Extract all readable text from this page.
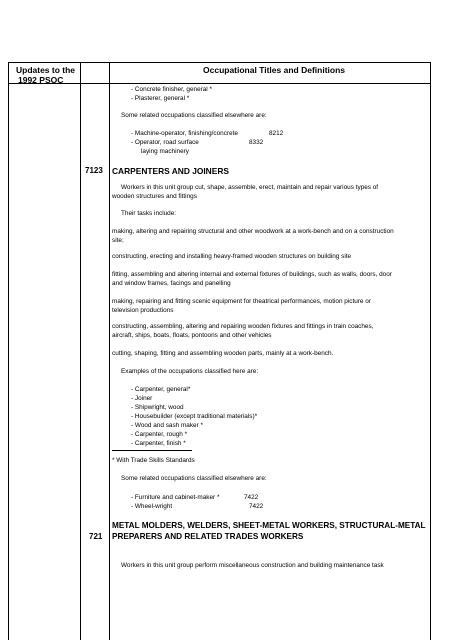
Updates to the
1992 PSOC
Occupational Titles and Definitions
- Concrete finisher, general *
- Plasterer, general *
Some related occupations classified elsewhere are:
- Machine-operator, finishing/concrete	8212
- Operator, road surface	8332
laying machinery
7123 CARPENTERS AND JOINERS
Workers in this unit group cut, shape, assemble, erect, maintain and repair various types of
wooden structures and fittings
Their tasks include:
making, altering and repairing structural and other woodwork at a work-bench and on a construction
site;
constructing, erecting and installing heavy-framed wooden structures on building site
fitting, assembling and altering internal and external fixtures of buildings, such as walls, doors, door
and window frames, facings and panelling
making, repairing and fitting scenic equipment for theatrical performances, motion picture or
television productions
constructing, assembling, altering and repairing wooden fixtures and fittings in train coaches,
aircraft, ships, boats, floats, pontoons and other vehicles
cutting, shaping, fitting and assembling wooden parts, mainly at a work-bench.
Examples of the occupations classified here are:
- Carpenter, general*
- Joiner
- Shipwright, wood
- Housebuilder (except traditional materials)*
- Wood and sash maker *
- Carpenter, rough *
- Carpenter, finish *
* With Trade Skills Standards
Some related occupations classified elsewhere are:
- Furniture and cabinet-maker *	7422
- Wheel-wright	7422
METAL MOLDERS, WELDERS, SHEET-METAL WORKERS, STRUCTURAL-METAL
721 PREPARERS AND RELATED TRADES WORKERS
Workers in this unit group perform miscellaneous construction and building maintenance task
